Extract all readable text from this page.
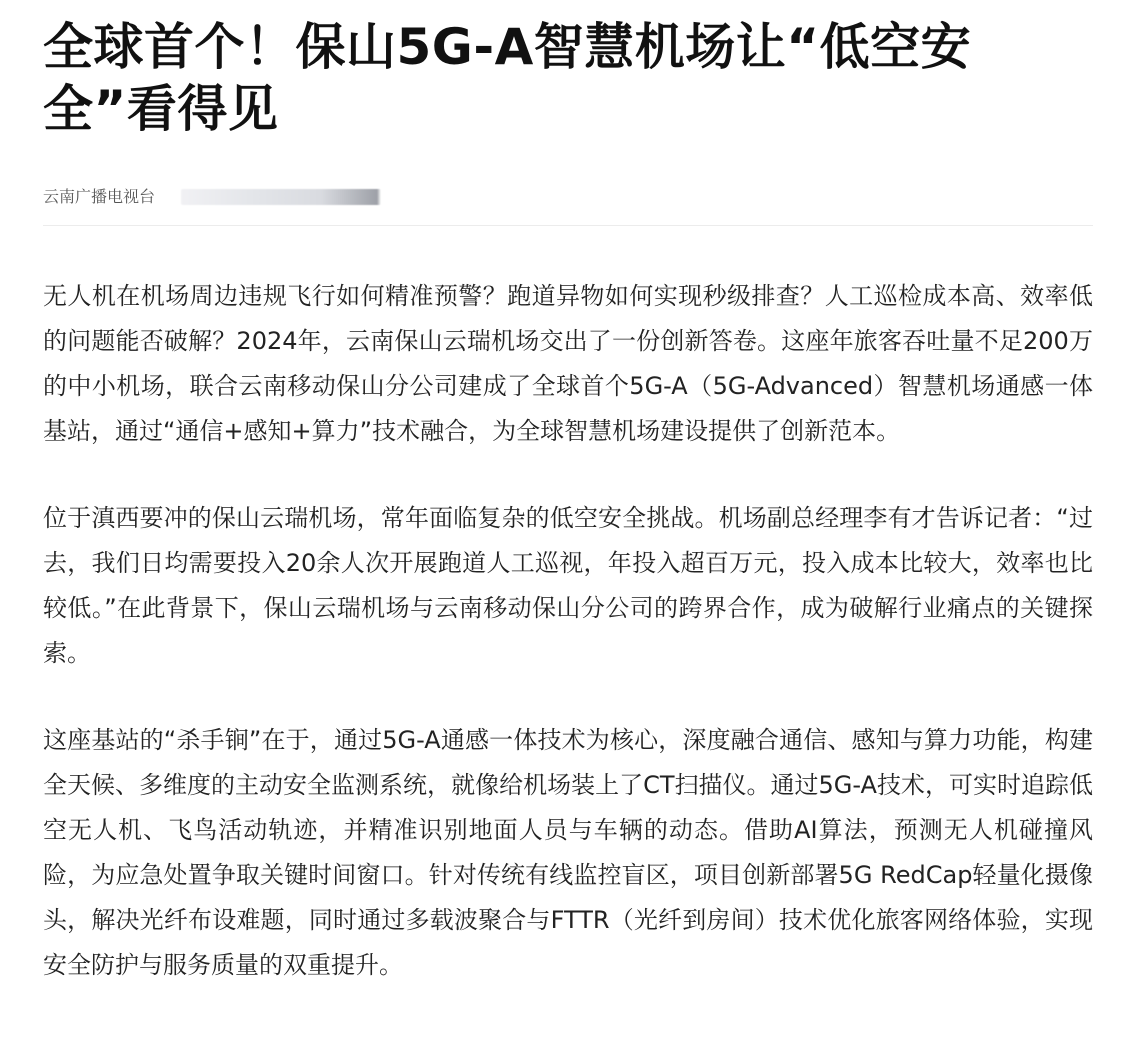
全球首个！保山5G-A智慧机场让“低空安全”看得见
云南广播电视台

无人机在机场周边违规飞行如何精准预警？跑道异物如何实现秒级排查？人工巡检成本高、效率低的问题能否破解？2024年，云南保山云瑞机场交出了一份创新答卷。这座年旅客吞吐量不足200万的中小机场，联合云南移动保山分公司建成了全球首个5G-A（5G-Advanced）智慧机场通感一体基站，通过“通信+感知+算力”技术融合，为全球智慧机场建设提供了创新范本。

位于滇西要冲的保山云瑞机场，常年面临复杂的低空安全挑战。机场副总经理李有才告诉记者：“过去，我们日均需要投入20余人次开展跑道人工巡视，年投入超百万元，投入成本比较大，效率也比较低。”在此背景下，保山云瑞机场与云南移动保山分公司的跨界合作，成为破解行业痛点的关键探索。

这座基站的“杀手锏”在于，通过5G-A通感一体技术为核心，深度融合通信、感知与算力功能，构建全天候、多维度的主动安全监测系统，就像给机场装上了CT扫描仪。通过5G-A技术，可实时追踪低空无人机、飞鸟活动轨迹，并精准识别地面人员与车辆的动态。借助AI算法，预测无人机碰撞风险，为应急处置争取关键时间窗口。针对传统有线监控盲区，项目创新部署5G RedCap轻量化摄像头，解决光纤布设难题，同时通过多载波聚合与FTTR（光纤到房间）技术优化旅客网络体验，实现安全防护与服务质量的双重提升。
